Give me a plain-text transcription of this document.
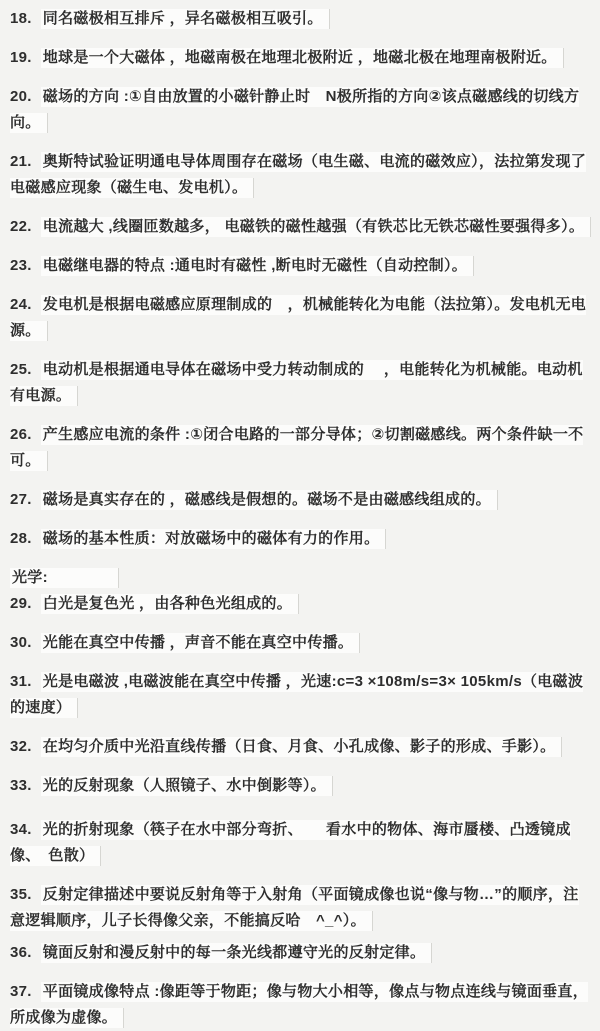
18. 同名磁极相互排斥 ，异名磁极相互吸引。

19. 地球是一个大磁体 ，地磁南极在地理北极附近 ，地磁北极在地理南极附近。

20. 磁场的方向 :①自由放置的小磁针静止时　N极所指的方向②该点磁感线的切线方向。

21. 奥斯特试验证明通电导体周围存在磁场（电生磁、电流的磁效应），法拉第发现了电磁感应现象（磁生电、发电机）。

22. 电流越大 ,线圈匝数越多， 电磁铁的磁性越强（有铁芯比无铁芯磁性要强得多）。

23. 电磁继电器的特点 :通电时有磁性 ,断电时无磁性（自动控制）。

24. 发电机是根据电磁感应原理制成的　，机械能转化为电能（法拉第）。发电机无电源。

25. 电动机是根据通电导体在磁场中受力转动制成的　 ，电能转化为机械能。电动机有电源。

26. 产生感应电流的条件 :①闭合电路的一部分导体；②切割磁感线。两个条件缺一不可。

27. 磁场是真实存在的 ，磁感线是假想的。磁场不是由磁感线组成的。

28. 磁场的基本性质：对放磁场中的磁体有力的作用。

光学:

29. 白光是复色光 ，由各种色光组成的。

30. 光能在真空中传播 ，声音不能在真空中传播。

31. 光是电磁波 ,电磁波能在真空中传播 ，光速:c=3 ×108m/s=3× 105km/s（电磁波的速度）

32. 在均匀介质中光沿直线传播（日食、月食、小孔成像、影子的形成、手影）。

33. 光的反射现象（人照镜子、水中倒影等）。

34. 光的折射现象（筷子在水中部分弯折、　　看水中的物体、海市蜃楼、凸透镜成像、　色散）

35. 反射定律描述中要说反射角等于入射角（平面镜成像也说“像与物…”的顺序，注意逻辑顺序，儿子长得像父亲，不能搞反哈　^_^）。

36. 镜面反射和漫反射中的每一条光线都遵守光的反射定律。

37. 平面镜成像特点 :像距等于物距；像与物大小相等，像点与物点连线与镜面垂直，所成像为虚像。
